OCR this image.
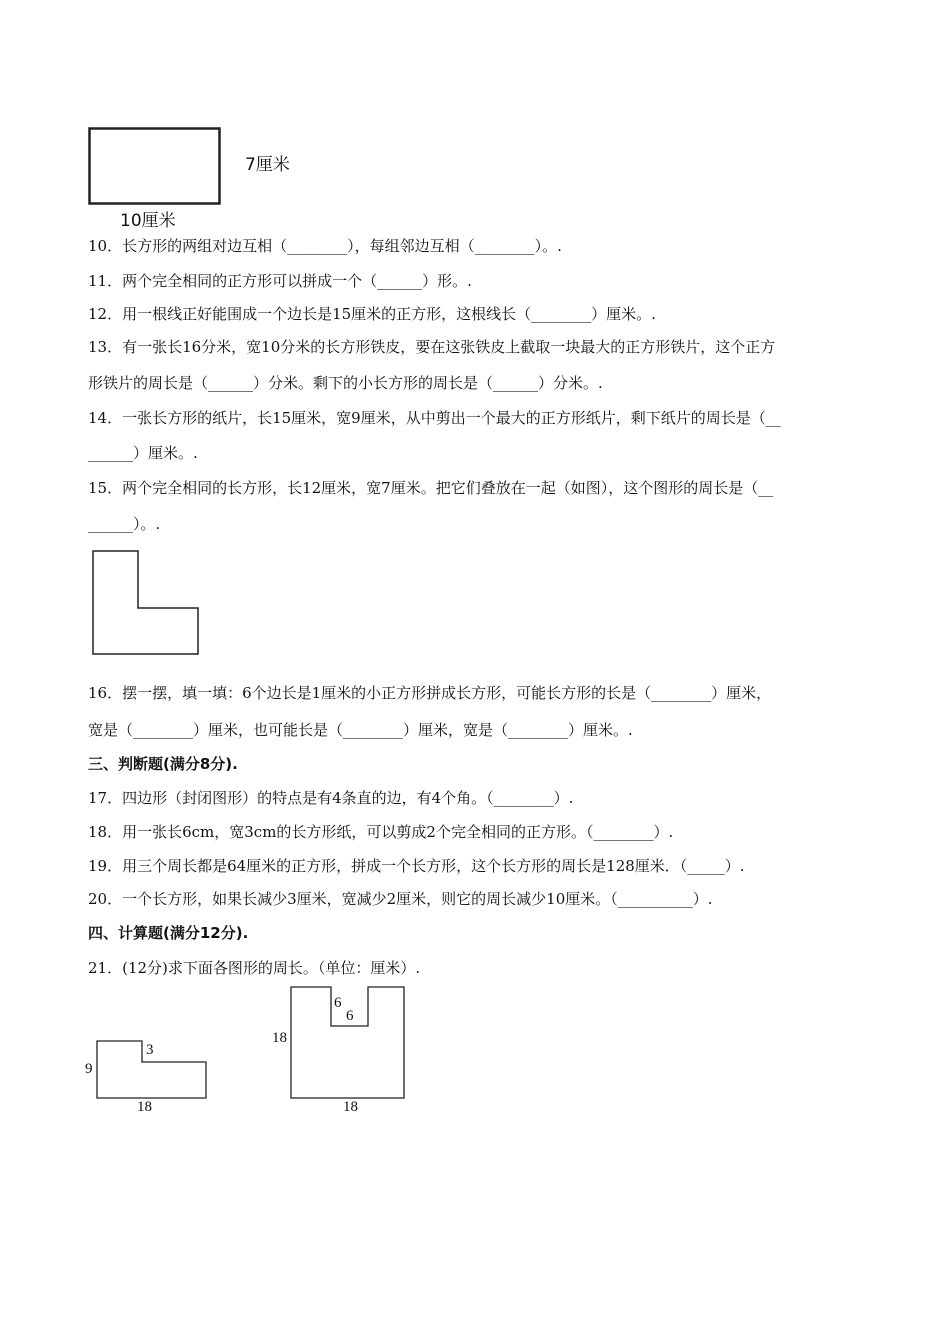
7厘米
10厘米
10．长方形的两组对边互相（________），每组邻边互相（________）。.
11．两个完全相同的正方形可以拼成一个（______）形。.
12．用一根线正好能围成一个边长是15厘米的正方形，这根线长（________）厘米。.
13．有一张长16分米，宽10分米的长方形铁皮，要在这张铁皮上截取一块最大的正方形铁片，这个正方
形铁片的周长是（______）分米。剩下的小长方形的周长是（______）分米。.
14．一张长方形的纸片，长15厘米，宽9厘米，从中剪出一个最大的正方形纸片，剩下纸片的周长是（__
______）厘米。.
15．两个完全相同的长方形，长12厘米，宽7厘米。把它们叠放在一起（如图），这个图形的周长是（__
______）。.
16．摆一摆，填一填：6个边长是1厘米的小正方形拼成长方形，可能长方形的长是（________）厘米，
宽是（________）厘米，也可能长是（________）厘米，宽是（________）厘米。.
三、判断题(满分8分).
17．四边形（封闭图形）的特点是有4条直的边，有4个角。（________）.
18．用一张长6cm，宽3cm的长方形纸，可以剪成2个完全相同的正方形。（________）.
19．用三个周长都是64厘米的正方形，拼成一个长方形，这个长方形的周长是128厘米．（_____）.
20．一个长方形，如果长减少3厘米，宽减少2厘米，则它的周长减少10厘米。（__________）.
四、计算题(满分12分).
21．(12分)求下面各图形的周长。（单位：厘米）.
9
3
18
18
6
6
18
